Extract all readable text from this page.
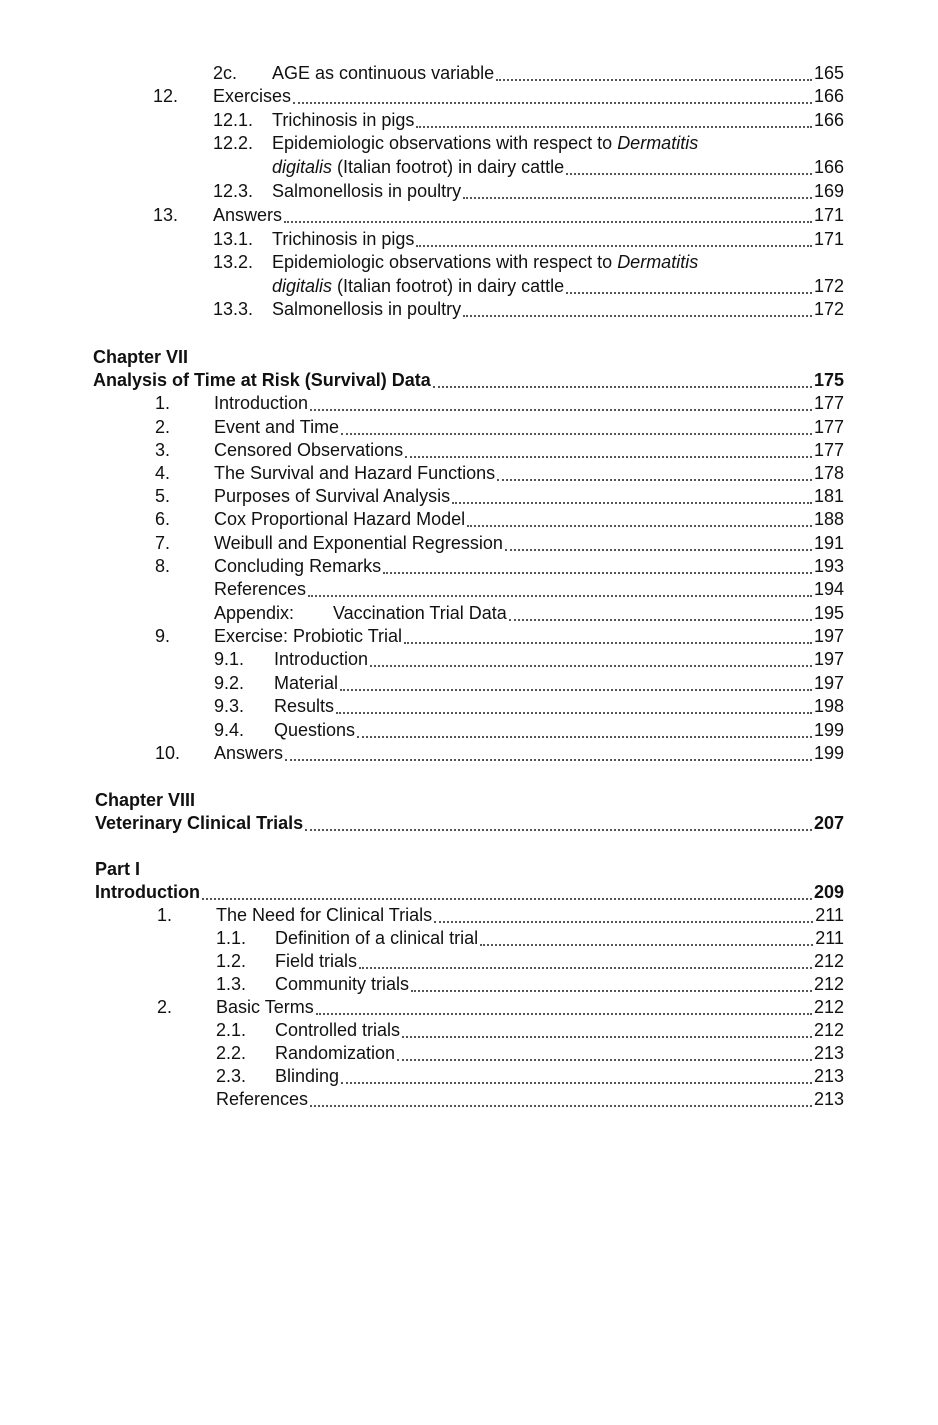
2c. AGE as continuous variable	165
12. Exercises	166
12.1. Trichinosis in pigs	166
12.2. Epidemiologic observations with respect to Dermatitis
digitalis (Italian footrot) in dairy cattle	166
12.3. Salmonellosis in poultry	169
13. Answers	171
13.1. Trichinosis in pigs	171
13.2. Epidemiologic observations with respect to Dermatitis
digitalis (Italian footrot) in dairy cattle	172
13.3. Salmonellosis in poultry	172
Chapter VII
Analysis of Time at Risk (Survival) Data	175
1. Introduction	177
2. Event and Time	177
3. Censored Observations	177
4. The Survival and Hazard Functions	178
5. Purposes of Survival Analysis	181
6. Cox Proportional Hazard Model	188
7. Weibull and Exponential Regression	191
8. Concluding Remarks	193
References	194
Appendix: Vaccination Trial Data	195
9. Exercise: Probiotic Trial	197
9.1. Introduction	197
9.2. Material	197
9.3. Results	198
9.4. Questions	199
10. Answers	199
Chapter VIII
Veterinary Clinical Trials	207
Part I
Introduction	209
1. The Need for Clinical Trials	211
1.1. Definition of a clinical trial	211
1.2. Field trials	212
1.3. Community trials	212
2. Basic Terms	212
2.1. Controlled trials	212
2.2. Randomization	213
2.3. Blinding	213
References	213
